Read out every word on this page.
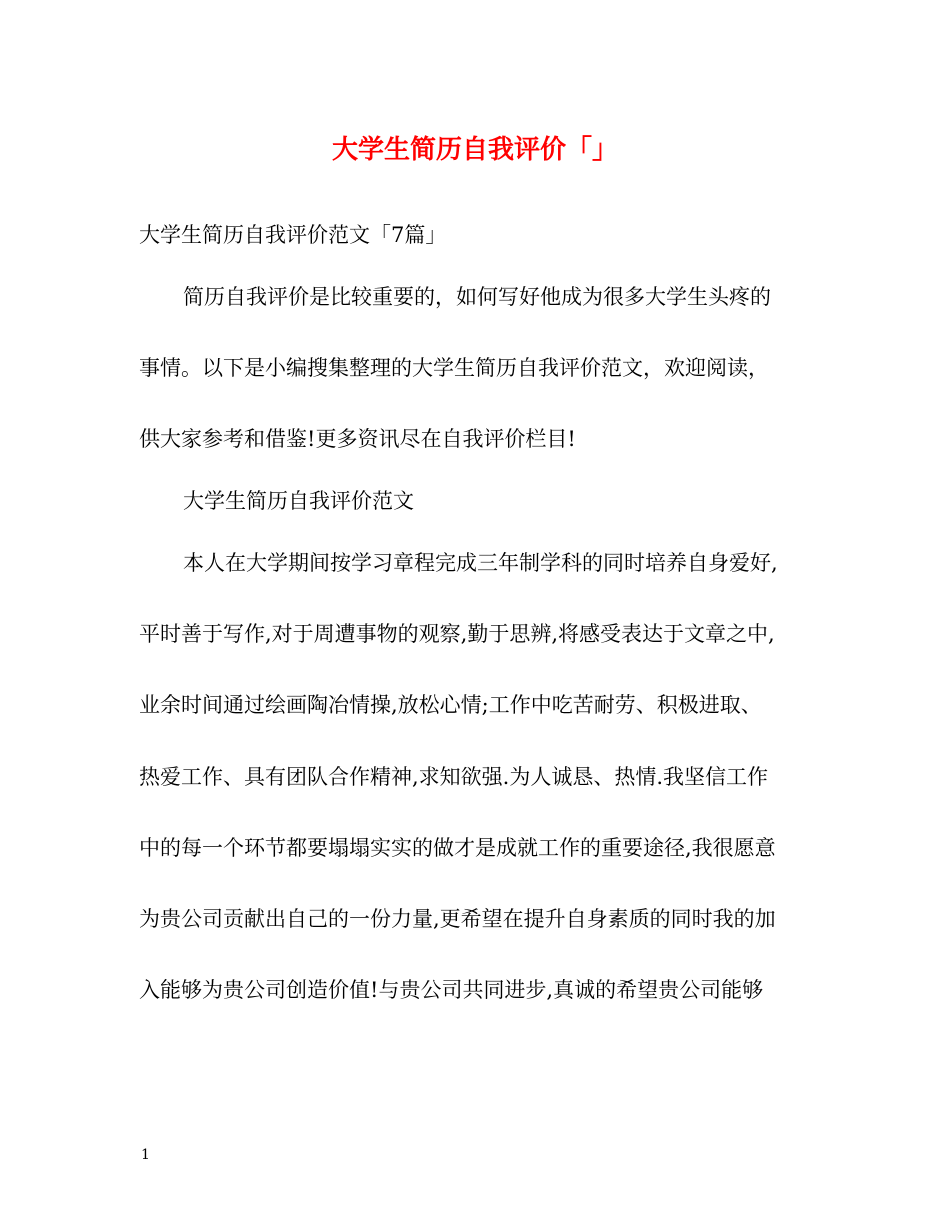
大学生简历自我评价「」
大学生简历自我评价范文「7篇」
简历自我评价是比较重要的，如何写好他成为很多大学生头疼的
事情。以下是小编搜集整理的大学生简历自我评价范文，欢迎阅读，
供大家参考和借鉴!更多资讯尽在自我评价栏目!
大学生简历自我评价范文
本人在大学期间按学习章程完成三年制学科的同时培养自身爱好,
平时善于写作,对于周遭事物的观察,勤于思辨,将感受表达于文章之中,
业余时间通过绘画陶冶情操,放松心情;工作中吃苦耐劳、积极进取、
热爱工作、具有团队合作精神,求知欲强.为人诚恳、热情.我坚信工作
中的每一个环节都要塌塌实实的做才是成就工作的重要途径,我很愿意
为贵公司贡献出自己的一份力量,更希望在提升自身素质的同时我的加
入能够为贵公司创造价值!与贵公司共同进步,真诚的希望贵公司能够
1
